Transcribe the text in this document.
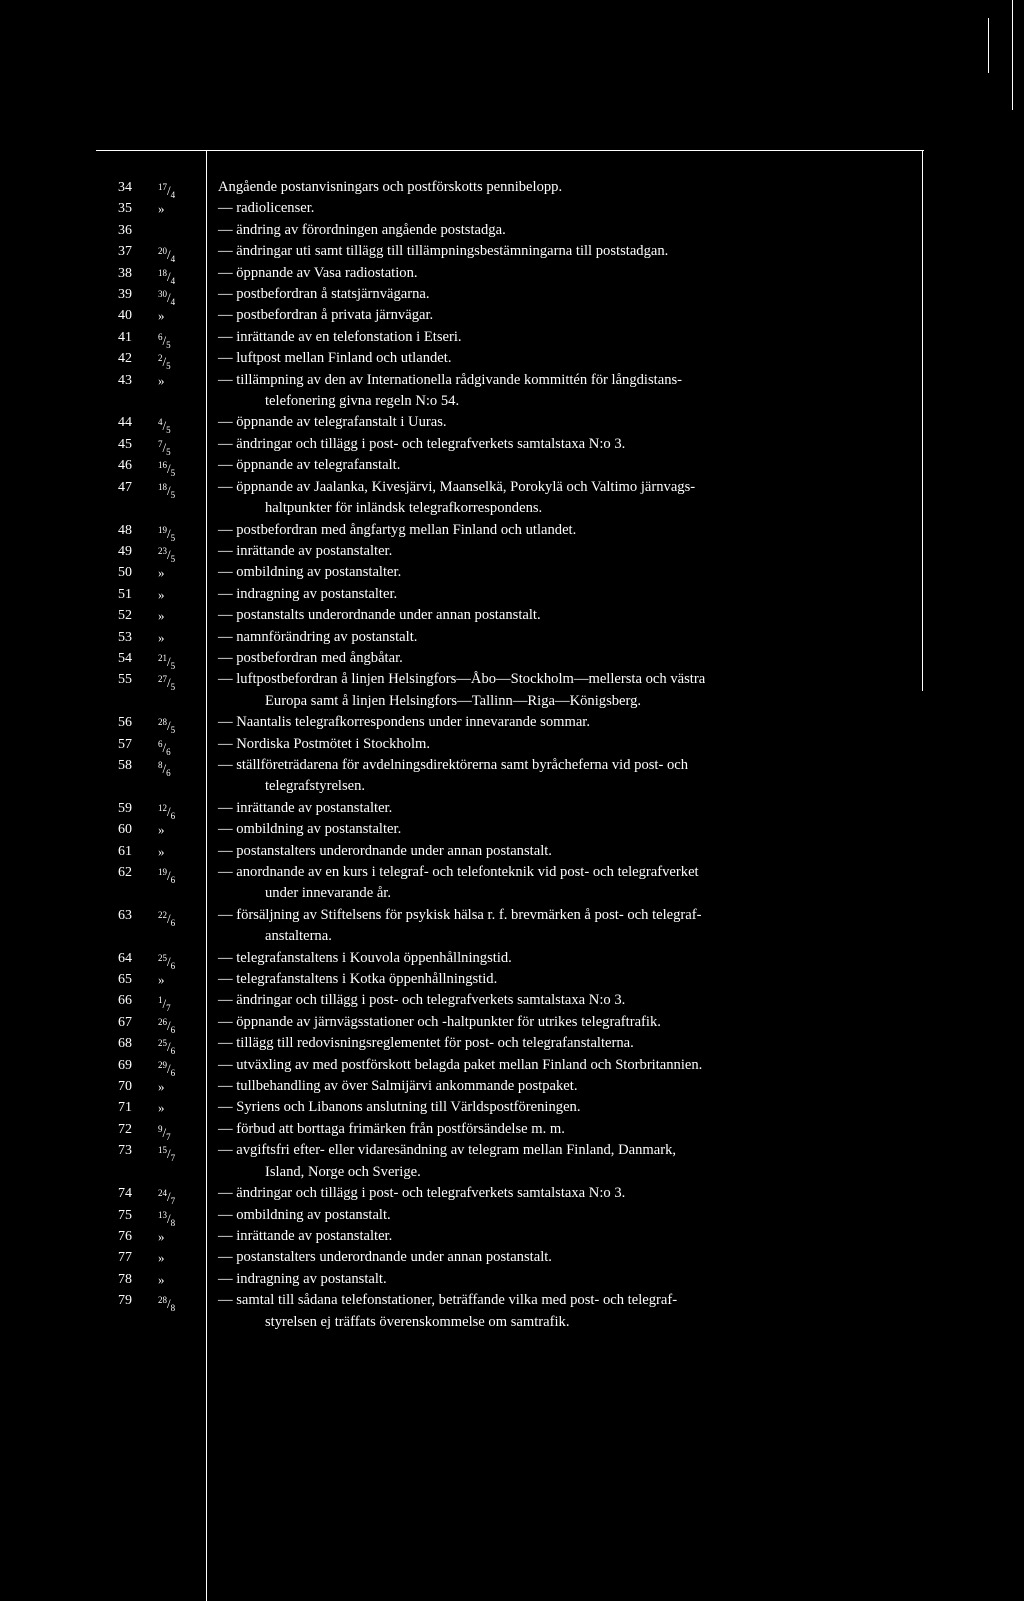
34	$^{17}/_4$	Angående postanvisningars och postförskotts pennibelopp.
35 »	— radiolicenser.
36	— ändring av förordningen angående poststadga.
37	$^{20}/_4$	— ändringar uti samt tillägg till tillämpningsbestämningarna till poststadgan.
38	$^{18}/_4$	— öppnande av Vasa radiostation.
39	$^{30}/_4$	— postbefordran å statsjärnvägarna.
40 »	— postbefordran å privata järnvägar.
41	$^6/_5$	— inrättande av en telefonstation i Etseri.
42	$^2/_5$	— luftpost mellan Finland och utlandet.
43 »	— tillämpning av den av Internationella rådgivande kommittén för långdistans-
telefonering givna regeln N:o 54.
44	$^4/_5$	— öppnande av telegrafanstalt i Uuras.
45	$^7/_5$	— ändringar och tillägg i post- och telegrafverkets samtalstaxa N:o 3.
46	$^{16}/_5$	— öppnande av telegrafanstalt.
47	$^{18}/_5$	— öppnande av Jaalanka, Kivesjärvi, Maanselkä, Porokylä och Valtimo järnvags-
haltpunkter för inländsk telegrafkorrespondens.
48	$^{19}/_5$	— postbefordran med ångfartyg mellan Finland och utlandet.
49	$^{23}/_5$	— inrättande av postanstalter.
50 »	— ombildning av postanstalter.
51 »	— indragning av postanstalter.
52 »	— postanstalts underordnande under annan postanstalt.
53 »	— namnförändring av postanstalt.
54	$^{21}/_5$	— postbefordran med ångbåtar.
55	$^{27}/_5$	— luftpostbefordran å linjen Helsingfors—Åbo—Stockholm—mellersta och västra
Europa samt å linjen Helsingfors—Tallinn—Riga—Königsberg.
56	$^{28}/_5$	— Naantalis telegrafkorrespondens under innevarande sommar.
57	$^6/_6$	— Nordiska Postmötet i Stockholm.
58	$^8/_6$	— ställföreträdarena för avdelningsdirektörerna samt byråcheferna vid post- och
telegrafstyrelsen.
59	$^{12}/_6$	— inrättande av postanstalter.
60 »	— ombildning av postanstalter.
61 »	— postanstalters underordnande under annan postanstalt.
62	$^{19}/_6$	— anordnande av en kurs i telegraf- och telefonteknik vid post- och telegrafverket
under innevarande år.
63	$^{22}/_6$	— försäljning av Stiftelsens för psykisk hälsa r. f. brevmärken å post- och telegraf-
anstalterna.
64	$^{25}/_6$	— telegrafanstaltens i Kouvola öppenhållningstid.
65 »	— telegrafanstaltens i Kotka öppenhållningstid.
66	$^1/_7$	— ändringar och tillägg i post- och telegrafverkets samtalstaxa N:o 3.
67	$^{26}/_6$	— öppnande av järnvägsstationer och -haltpunkter för utrikes telegraftrafik.
68	$^{25}/_6$	— tillägg till redovisningsreglementet för post- och telegrafanstalterna.
69	$^{29}/_6$	— utväxling av med postförskott belagda paket mellan Finland och Storbritannien.
70 »	— tullbehandling av över Salmijärvi ankommande postpaket.
71 »	— Syriens och Libanons anslutning till Världspostföreningen.
72	$^9/_7$	— förbud att borttaga frimärken från postförsändelse m. m.
73	$^{15}/_7$	— avgiftsfri efter- eller vidaresändning av telegram mellan Finland, Danmark,
Island, Norge och Sverige.
74	$^{24}/_7$	— ändringar och tillägg i post- och telegrafverkets samtalstaxa N:o 3.
75	$^{13}/_8$	— ombildning av postanstalt.
76 »	— inrättande av postanstalter.
77 »	— postanstalters underordnande under annan postanstalt.
78 »	— indragning av postanstalt.
79	$^{28}/_8$	— samtal till sådana telefonstationer, beträffande vilka med post- och telegraf-
styrelsen ej träffats överenskommelse om samtrafik.
